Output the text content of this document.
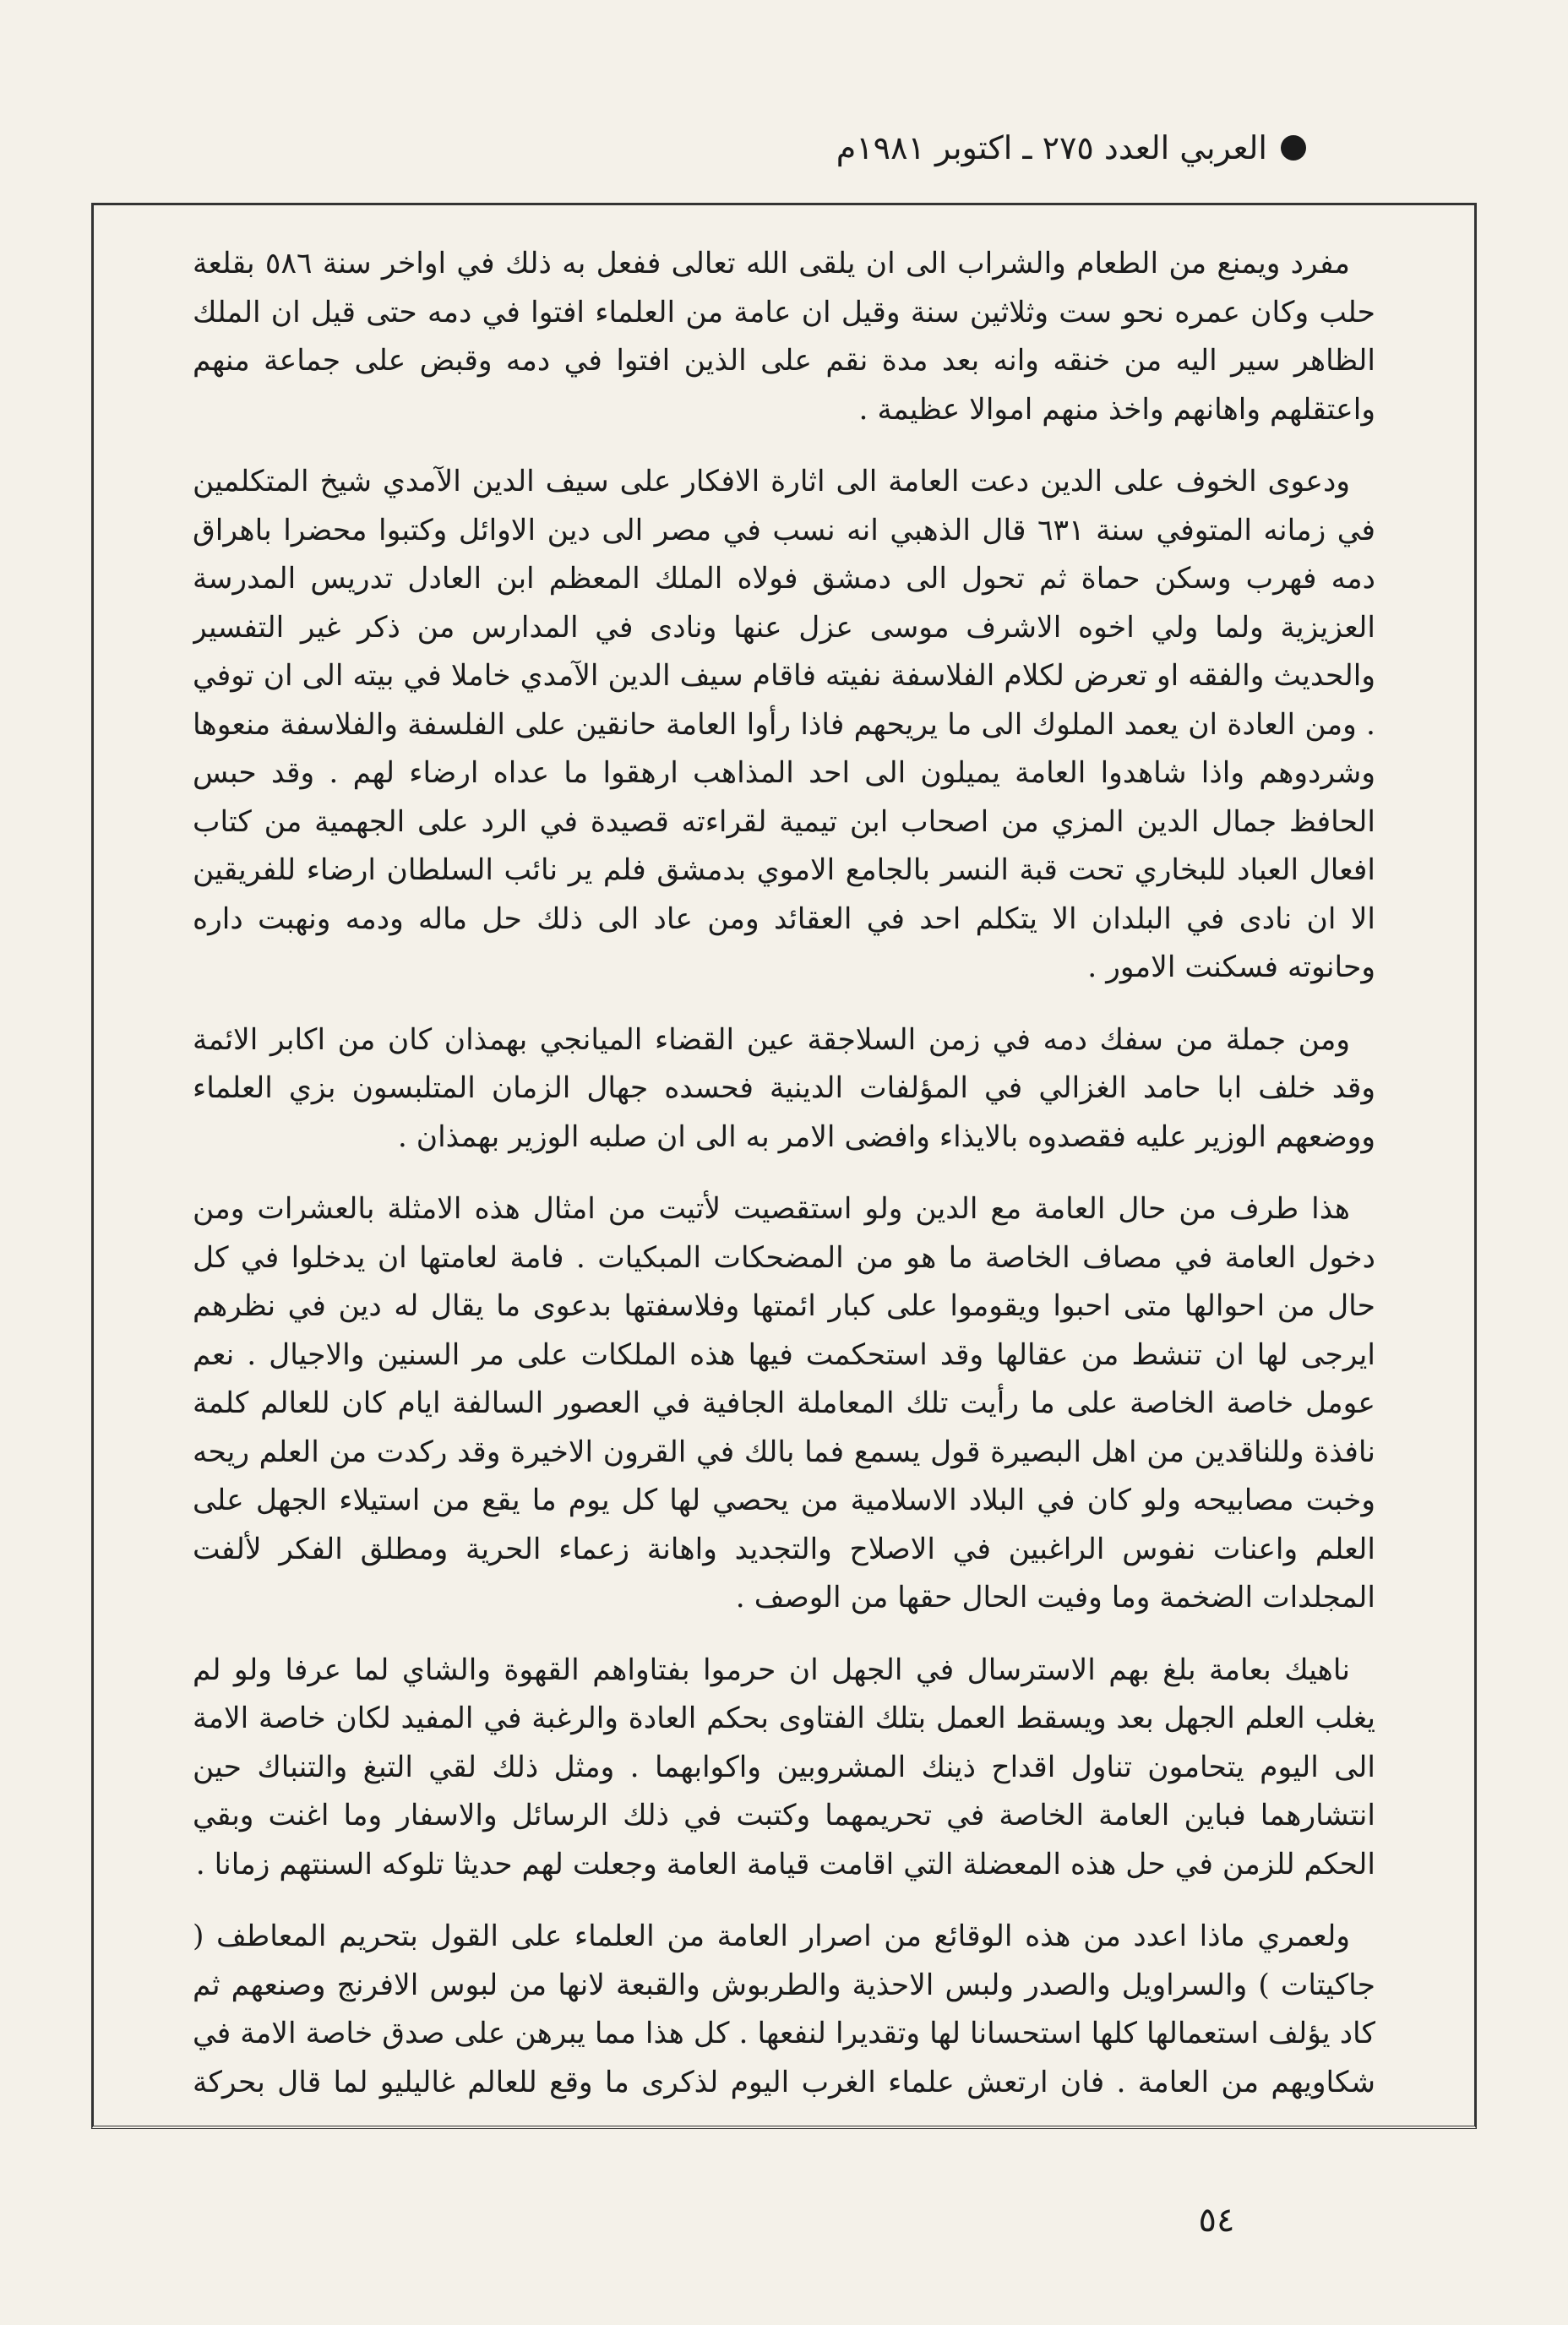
العربي العدد ٢٧٥ ـ اكتوبر ١٩٨١م

مفرد ويمنع من الطعام والشراب الى ان يلقى الله تعالى ففعل به ذلك في اواخر سنة ٥٨٦ بقلعة حلب وكان عمره نحو ست وثلاثين سنة وقيل ان عامة من العلماء افتوا في دمه حتى قيل ان الملك الظاهر سير اليه من خنقه وانه بعد مدة نقم على الذين افتوا في دمه وقبض على جماعة منهم واعتقلهم واهانهم واخذ منهم اموالا عظيمة .

ودعوى الخوف على الدين دعت العامة الى اثارة الافكار على سيف الدين الآمدي شيخ المتكلمين في زمانه المتوفي سنة ٦٣١ قال الذهبي انه نسب في مصر الى دين الاوائل وكتبوا محضرا باهراق دمه فهرب وسكن حماة ثم تحول الى دمشق فولاه الملك المعظم ابن العادل تدريس المدرسة العزيزية ولما ولي اخوه الاشرف موسى عزل عنها ونادى في المدارس من ذكر غير التفسير والحديث والفقه او تعرض لكلام الفلاسفة نفيته فاقام سيف الدين الآمدي خاملا في بيته الى ان توفي . ومن العادة ان يعمد الملوك الى ما يريحهم فاذا رأوا العامة حانقين على الفلسفة والفلاسفة منعوها وشردوهم واذا شاهدوا العامة يميلون الى احد المذاهب ارهقوا ما عداه ارضاء لهم . وقد حبس الحافظ جمال الدين المزي من اصحاب ابن تيمية لقراءته قصيدة في الرد على الجهمية من كتاب افعال العباد للبخاري تحت قبة النسر بالجامع الاموي بدمشق فلم ير نائب السلطان ارضاء للفريقين الا ان نادى في البلدان الا يتكلم احد في العقائد ومن عاد الى ذلك حل ماله ودمه ونهبت داره وحانوته فسكنت الامور .

ومن جملة من سفك دمه في زمن السلاجقة عين القضاء الميانجي بهمذان كان من اكابر الائمة وقد خلف ابا حامد الغزالي في المؤلفات الدينية فحسده جهال الزمان المتلبسون بزي العلماء ووضعهم الوزير عليه فقصدوه بالايذاء وافضى الامر به الى ان صلبه الوزير بهمذان .

هذا طرف من حال العامة مع الدين ولو استقصيت لأتيت من امثال هذه الامثلة بالعشرات ومن دخول العامة في مصاف الخاصة ما هو من المضحكات المبكيات . فامة لعامتها ان يدخلوا في كل حال من احوالها متى احبوا ويقوموا على كبار ائمتها وفلاسفتها بدعوى ما يقال له دين في نظرهم ايرجى لها ان تنشط من عقالها وقد استحكمت فيها هذه الملكات على مر السنين والاجيال . نعم عومل خاصة الخاصة على ما رأيت تلك المعاملة الجافية في العصور السالفة ايام كان للعالم كلمة نافذة وللناقدين من اهل البصيرة قول يسمع فما بالك في القرون الاخيرة وقد ركدت من العلم ريحه وخبت مصابيحه ولو كان في البلاد الاسلامية من يحصي لها كل يوم ما يقع من استيلاء الجهل على العلم واعنات نفوس الراغبين في الاصلاح والتجديد واهانة زعماء الحرية ومطلق الفكر لألفت المجلدات الضخمة وما وفيت الحال حقها من الوصف .

ناهيك بعامة بلغ بهم الاسترسال في الجهل ان حرموا بفتاواهم القهوة والشاي لما عرفا ولو لم يغلب العلم الجهل بعد ويسقط العمل بتلك الفتاوى بحكم العادة والرغبة في المفيد لكان خاصة الامة الى اليوم يتحامون تناول اقداح ذينك المشروبين واكوابهما . ومثل ذلك لقي التبغ والتنباك حين انتشارهما فباين العامة الخاصة في تحريمهما وكتبت في ذلك الرسائل والاسفار وما اغنت وبقي الحكم للزمن في حل هذه المعضلة التي اقامت قيامة العامة وجعلت لهم حديثا تلوكه السنتهم زمانا .

ولعمري ماذا اعدد من هذه الوقائع من اصرار العامة من العلماء على القول بتحريم المعاطف ( جاكيتات ) والسراويل والصدر ولبس الاحذية والطربوش والقبعة لانها من لبوس الافرنج وصنعهم ثم كاد يؤلف استعمالها كلها استحسانا لها وتقديرا لنفعها . كل هذا مما يبرهن على صدق خاصة الامة في شكاويهم من العامة . فان ارتعش علماء الغرب اليوم لذكرى ما وقع للعالم غاليليو لما قال بحركة

٥٤
